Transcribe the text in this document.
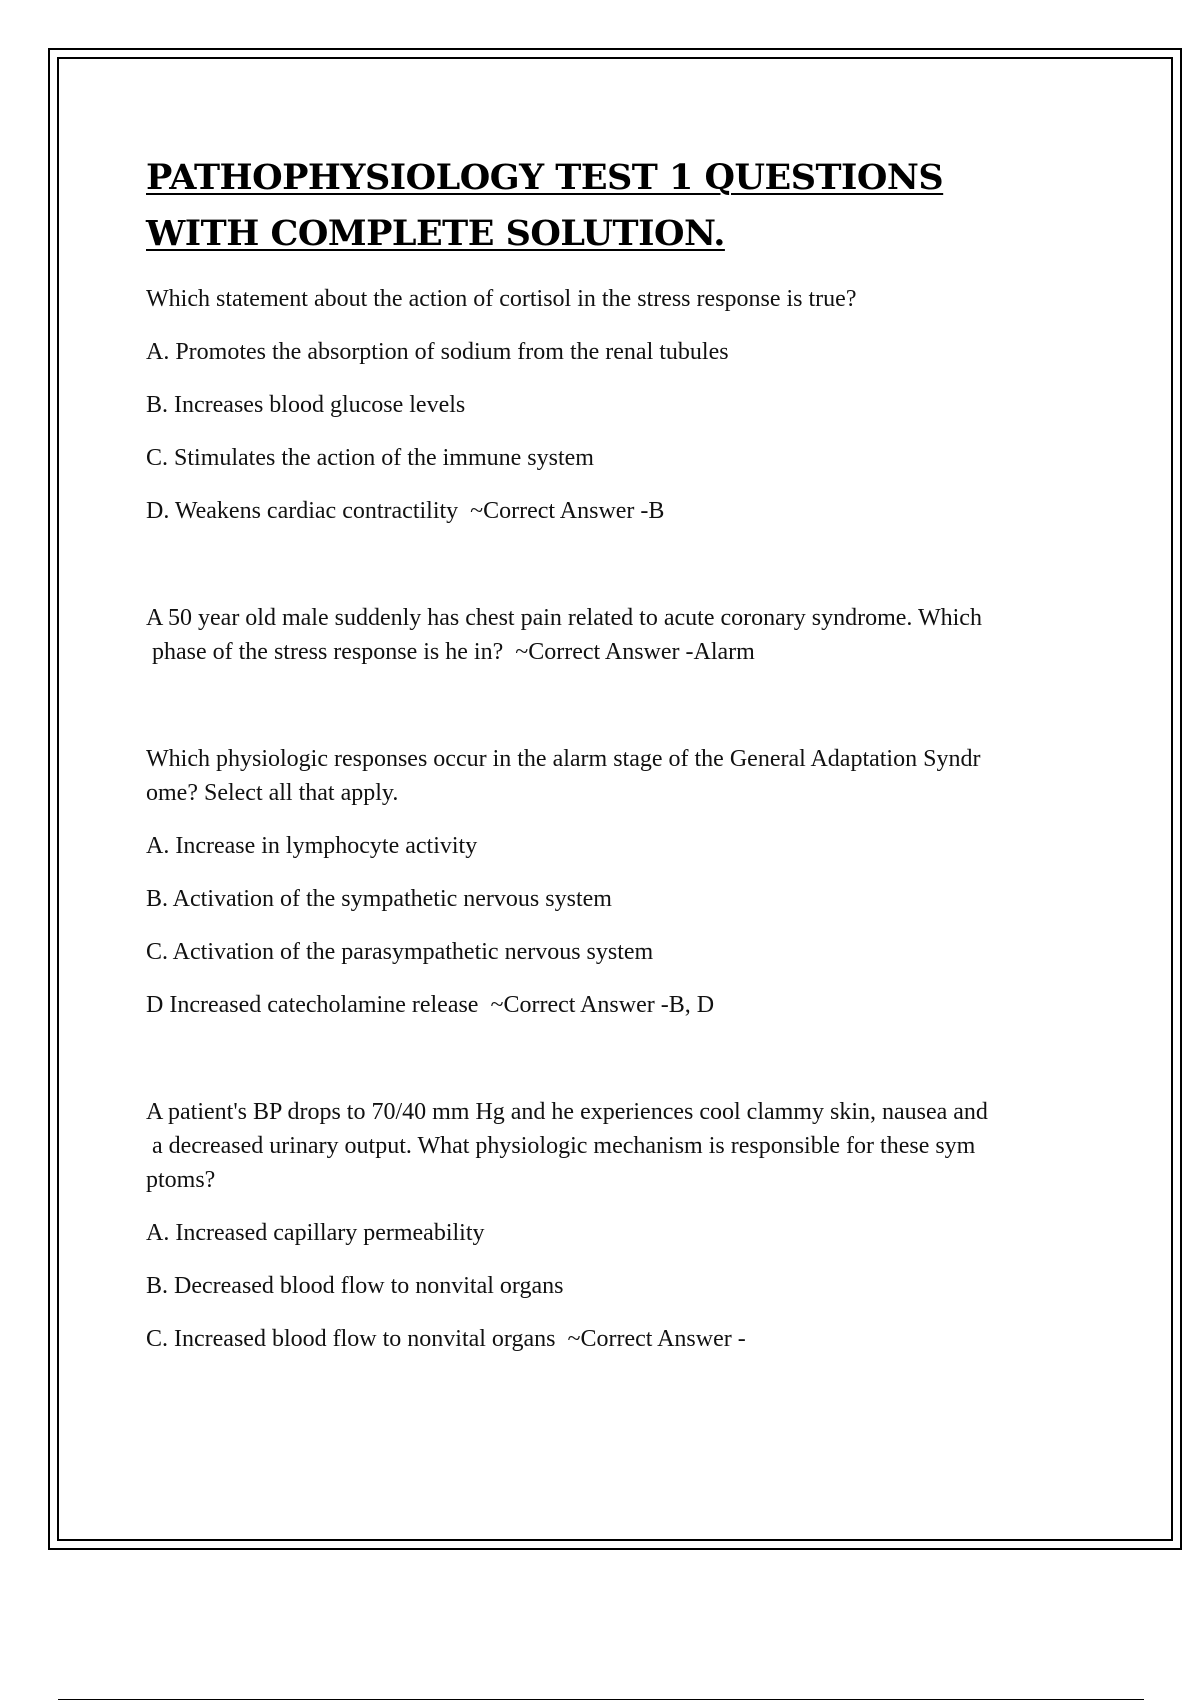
PATHOPHYSIOLOGY TEST 1 QUESTIONS
WITH COMPLETE SOLUTION.

Which statement about the action of cortisol in the stress response is true?

A. Promotes the absorption of sodium from the renal tubules

B. Increases blood glucose levels

C. Stimulates the action of the immune system

D. Weakens cardiac contractility  ~Correct Answer -B

A 50 year old male suddenly has chest pain related to acute coronary syndrome. Which

phase of the stress response is he in?  ~Correct Answer -Alarm

Which physiologic responses occur in the alarm stage of the General Adaptation Syndr

ome? Select all that apply.

A. Increase in lymphocyte activity

B. Activation of the sympathetic nervous system

C. Activation of the parasympathetic nervous system

D Increased catecholamine release  ~Correct Answer -B, D

A patient's BP drops to 70/40 mm Hg and he experiences cool clammy skin, nausea and

a decreased urinary output. What physiologic mechanism is responsible for these sym

ptoms?

A. Increased capillary permeability

B. Decreased blood flow to nonvital organs

C. Increased blood flow to nonvital organs  ~Correct Answer -
